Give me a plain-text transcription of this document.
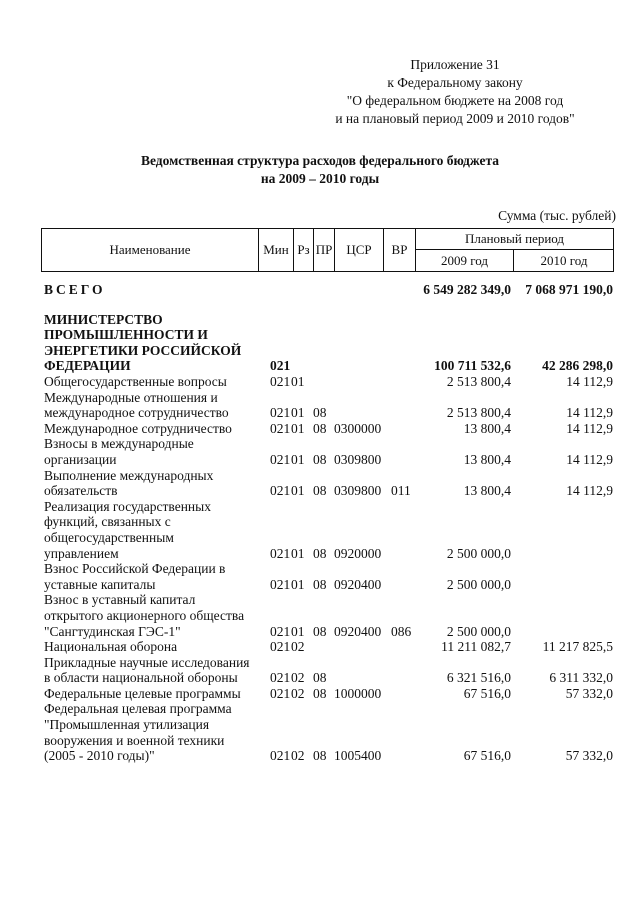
Приложение 31
к Федеральному закону
"О федеральном бюджете на 2008 год
и на плановый период 2009 и 2010 годов"
Ведомственная структура расходов федерального бюджета
на 2009 – 2010 годы
Сумма (тыс. рублей)
Наименование	Мин Рз ПР	ЦСР	ВР
Плановый период
2009 год	2010 год
ВСЕГО	6 549 282 349,0 7 068 971 190,0
МИНИСТЕРСТВО
ПРОМЫШЛЕННОСТИ И
ЭНЕРГЕТИКИ РОССИЙСКОЙ
ФЕДЕРАЦИИ	021	100 711 532,6 42 286 298,0
Общегосударственные вопросы	021 01	2 513 800,4	14 112,9
Международные отношения и
международное сотрудничество	021 01 08	2 513 800,4	14 112,9
Международное сотрудничество	021 01 08 0300000	13 800,4	14 112,9
Взносы в международные
организации	021 01 08 0309800	13 800,4	14 112,9
Выполнение международных
обязательств	021 01 08 0309800 011	13 800,4	14 112,9
Реализация государственных
функций, связанных с
общегосударственным
управлением	021 01 08 0920000	2 500 000,0
Взнос Российской Федерации в
уставные капиталы	021 01 08 0920400	2 500 000,0
Взнос в уставный капитал
открытого акционерного общества
"Сангтудинская ГЭС-1"	021 01 08 0920400 086	2 500 000,0
Национальная оборона	021 02	11 211 082,7 11 217 825,5
Прикладные научные исследования
в области национальной обороны	021 02 08	6 321 516,0	6 311 332,0
Федеральные целевые программы	021 02 08 1000000	67 516,0	57 332,0
Федеральная целевая программа
"Промышленная утилизация
вооружения и военной техники
(2005 - 2010 годы)"	021 02 08 1005400	67 516,0	57 332,0
